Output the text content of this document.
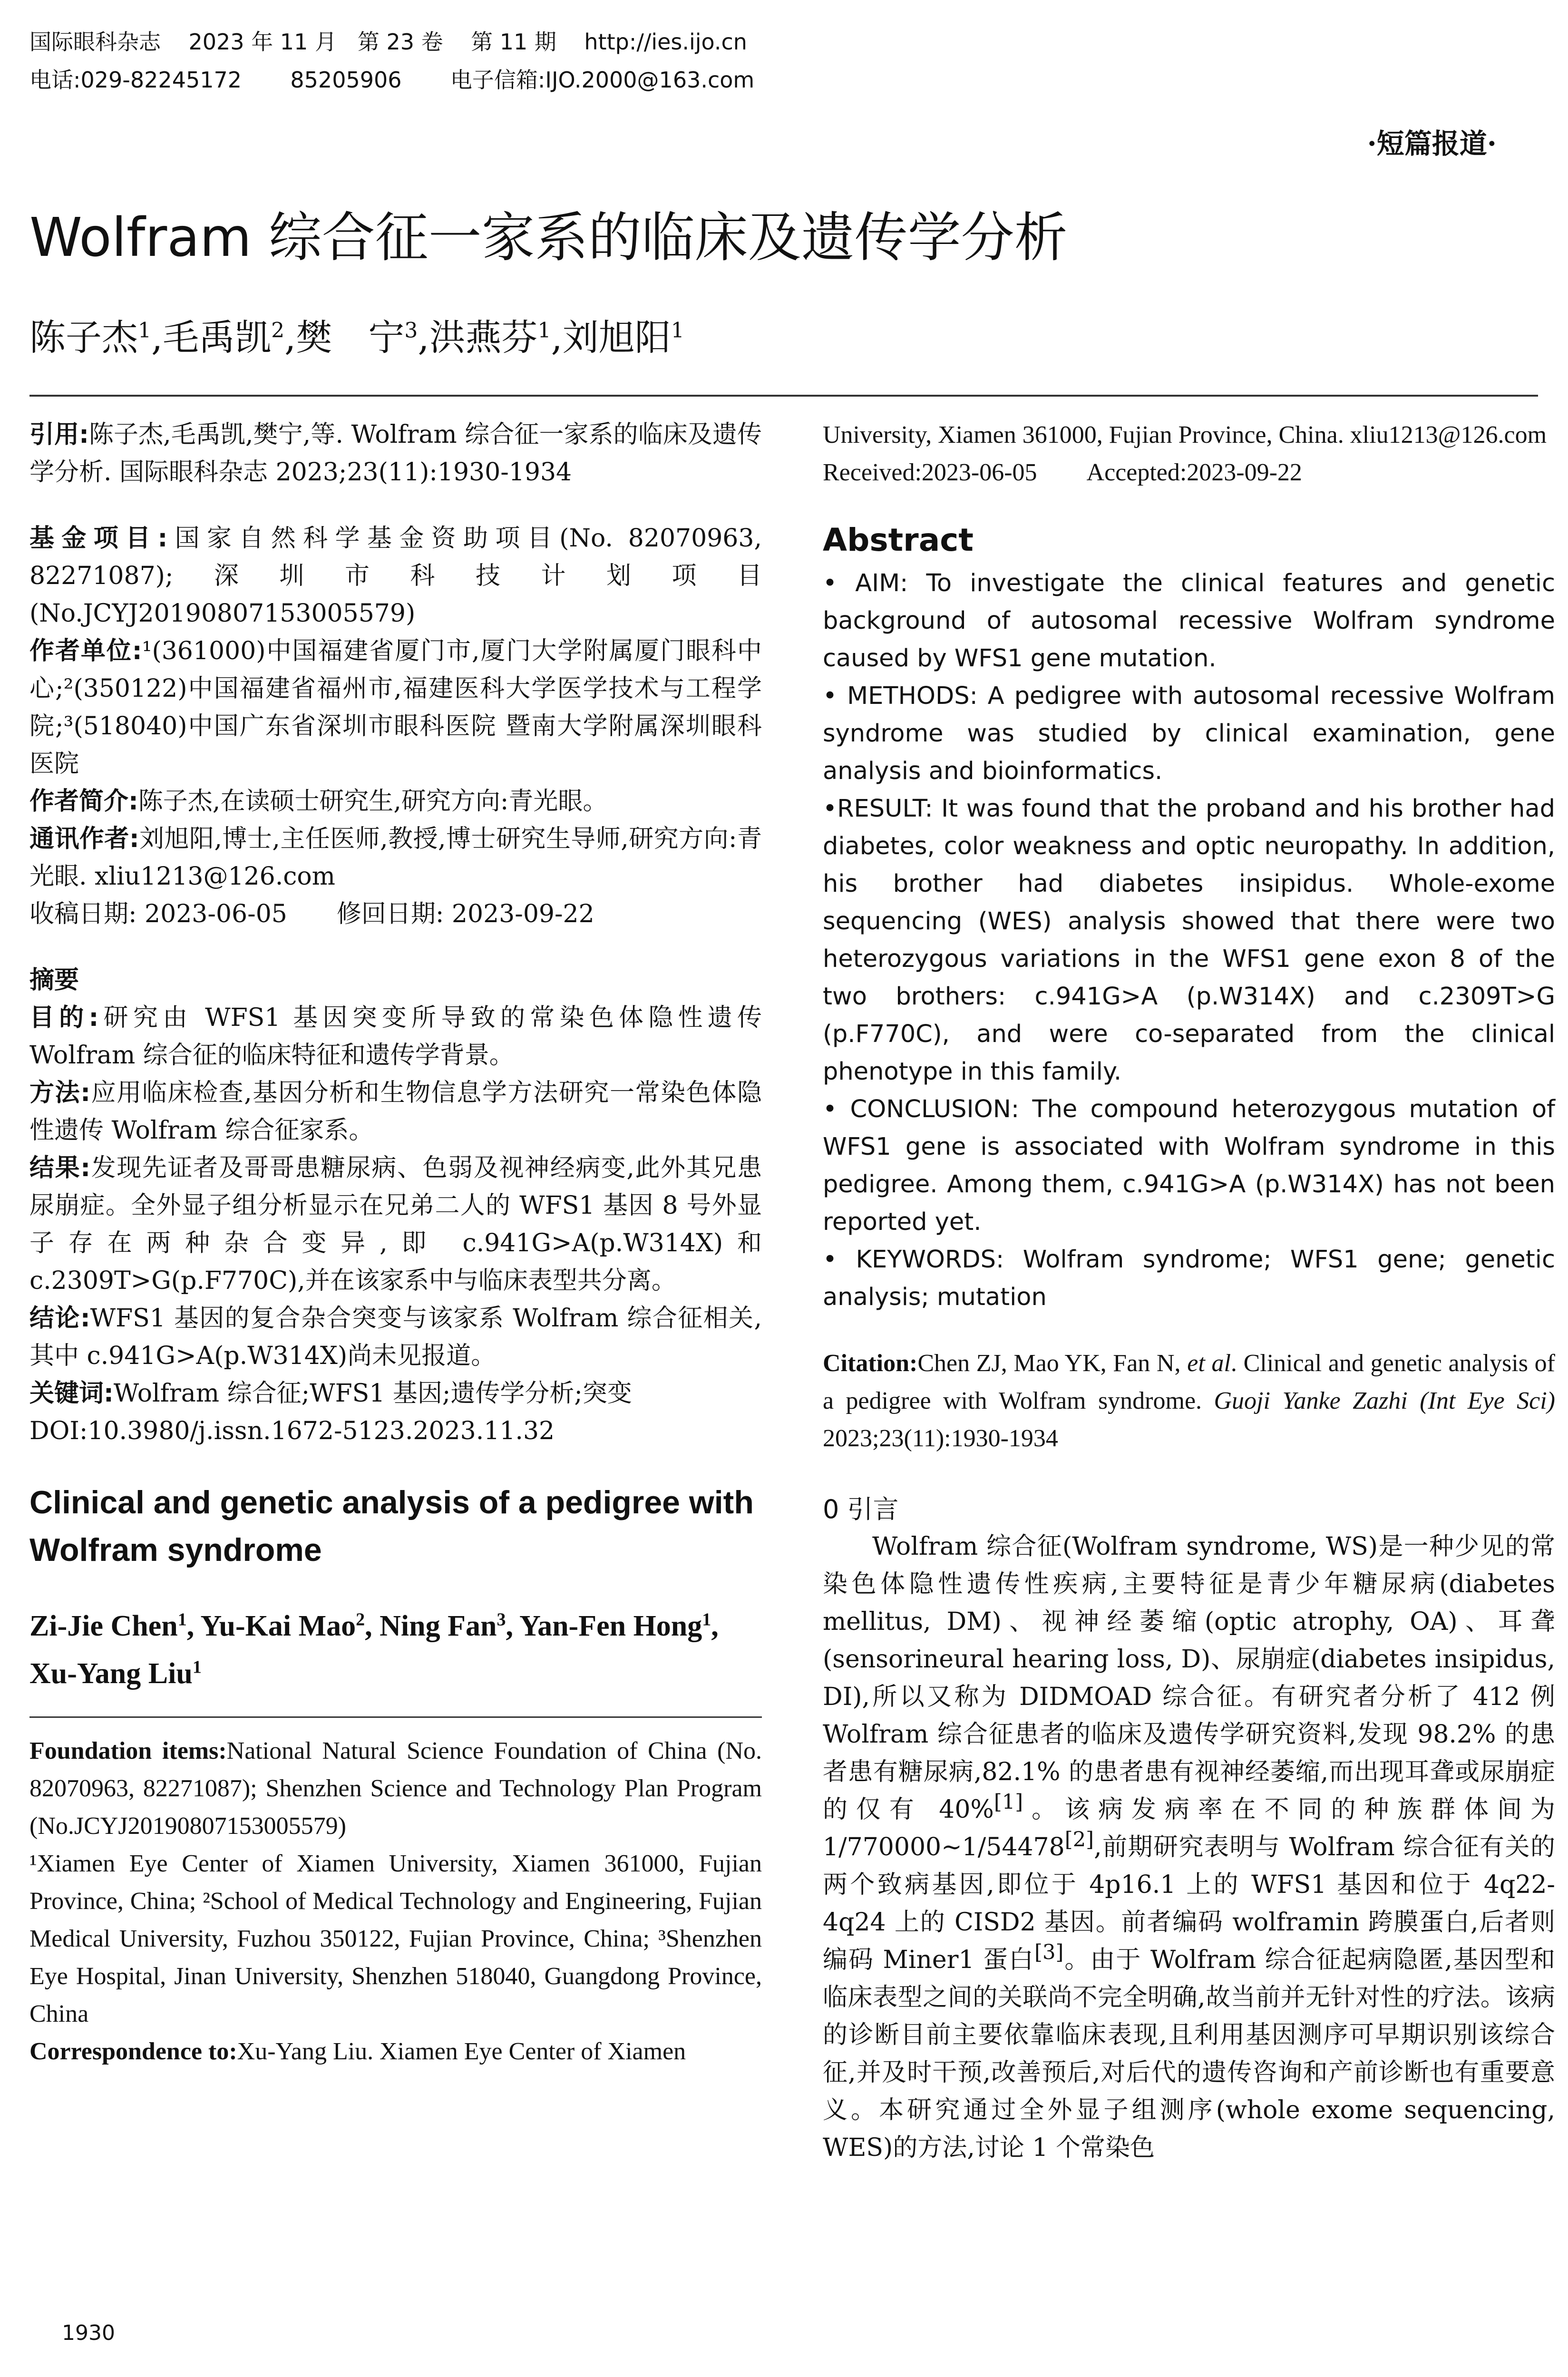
国际眼科杂志 2023 年 11 月 第 23 卷 第 11 期 http://ies.ijo.cn
电话:029-82245172 85205906 电子信箱:IJO.2000@163.com
·短篇报道·
Wolfram 综合征一家系的临床及遗传学分析
陈子杰$^1$,毛禹凯$^2$,樊　宁$^3$,洪燕芬$^1$,刘旭阳$^1$

引用:陈子杰,毛禹凯,樊宁,等. Wolfram 综合征一家系的临床及遗传学分析. 国际眼科杂志 2023;23(11):1930-1934

基金项目:国家自然科学基金资助项目(No. 82070963, 82271087);深圳市科技计划项目(No.JCYJ20190807153005579)

作者单位:¹(361000)中国福建省厦门市,厦门大学附属厦门眼科中心;²(350122)中国福建省福州市,福建医科大学医学技术与工程学院;³(518040)中国广东省深圳市眼科医院 暨南大学附属深圳眼科医院

作者简介:陈子杰,在读硕士研究生,研究方向:青光眼。

通讯作者:刘旭阳,博士,主任医师,教授,博士研究生导师,研究方向:青光眼. xliu1213@126.com

收稿日期: 2023-06-05　　修回日期: 2023-09-22

摘要

目的:研究由 WFS1 基因突变所导致的常染色体隐性遗传 Wolfram 综合征的临床特征和遗传学背景。

方法:应用临床检查,基因分析和生物信息学方法研究一常染色体隐性遗传 Wolfram 综合征家系。

结果:发现先证者及哥哥患糖尿病、色弱及视神经病变,此外其兄患尿崩症。全外显子组分析显示在兄弟二人的 WFS1 基因 8 号外显子存在两种杂合变异,即 c.941G>A(p.W314X)和 c.2309T>G(p.F770C),并在该家系中与临床表型共分离。

结论:WFS1 基因的复合杂合突变与该家系 Wolfram 综合征相关,其中 c.941G>A(p.W314X)尚未见报道。

关键词:Wolfram 综合征;WFS1 基因;遗传学分析;突变

DOI:10.3980/j.issn.1672-5123.2023.11.32

Clinical and genetic analysis of a pedigree with Wolfram syndrome

Zi-Jie Chen$^1$, Yu-Kai Mao$^2$, Ning Fan$^3$, Yan-Fen Hong$^1$, Xu-Yang Liu$^1$

Foundation items:National Natural Science Foundation of China (No. 82070963, 82271087); Shenzhen Science and Technology Plan Program (No.JCYJ20190807153005579)

¹Xiamen Eye Center of Xiamen University, Xiamen 361000, Fujian Province, China; ²School of Medical Technology and Engineering, Fujian Medical University, Fuzhou 350122, Fujian Province, China; ³Shenzhen Eye Hospital, Jinan University, Shenzhen 518040, Guangdong Province, China

Correspondence to:Xu-Yang Liu. Xiamen Eye Center of Xiamen

University, Xiamen 361000, Fujian Province, China. xliu1213@126.com

Received:2023-06-05　　Accepted:2023-09-22

Abstract

• AIM: To investigate the clinical features and genetic background of autosomal recessive Wolfram syndrome caused by WFS1 gene mutation.

• METHODS: A pedigree with autosomal recessive Wolfram syndrome was studied by clinical examination, gene analysis and bioinformatics.

•RESULT: It was found that the proband and his brother had diabetes, color weakness and optic neuropathy. In addition, his brother had diabetes insipidus. Whole-exome sequencing (WES) analysis showed that there were two heterozygous variations in the WFS1 gene exon 8 of the two brothers: c.941G>A (p.W314X) and c.2309T>G (p.F770C), and were co-separated from the clinical phenotype in this family.

• CONCLUSION: The compound heterozygous mutation of WFS1 gene is associated with Wolfram syndrome in this pedigree. Among them, c.941G>A (p.W314X) has not been reported yet.

• KEYWORDS: Wolfram syndrome; WFS1 gene; genetic analysis; mutation

Citation:Chen ZJ, Mao YK, Fan N, et al. Clinical and genetic analysis of a pedigree with Wolfram syndrome. Guoji Yanke Zazhi (Int Eye Sci) 2023;23(11):1930-1934

0 引言

Wolfram 综合征(Wolfram syndrome, WS)是一种少见的常染色体隐性遗传性疾病,主要特征是青少年糖尿病(diabetes mellitus, DM)、视神经萎缩(optic atrophy, OA)、耳聋(sensorineural hearing loss, D)、尿崩症(diabetes insipidus, DI),所以又称为 DIDMOAD 综合征。有研究者分析了 412 例 Wolfram 综合征患者的临床及遗传学研究资料,发现 98.2% 的患者患有糖尿病,82.1% 的患者患有视神经萎缩,而出现耳聋或尿崩症的仅有 40%[1]。该病发病率在不同的种族群体间为 1/770000~1/54478[2],前期研究表明与 Wolfram 综合征有关的两个致病基因,即位于 4p16.1 上的 WFS1 基因和位于 4q22-4q24 上的 CISD2 基因。前者编码 wolframin 跨膜蛋白,后者则编码 Miner1 蛋白[3]。由于 Wolfram 综合征起病隐匿,基因型和临床表型之间的关联尚不完全明确,故当前并无针对性的疗法。该病的诊断目前主要依靠临床表现,且利用基因测序可早期识别该综合征,并及时干预,改善预后,对后代的遗传咨询和产前诊断也有重要意义。本研究通过全外显子组测序(whole exome sequencing, WES)的方法,讨论 1 个常染色

1930
